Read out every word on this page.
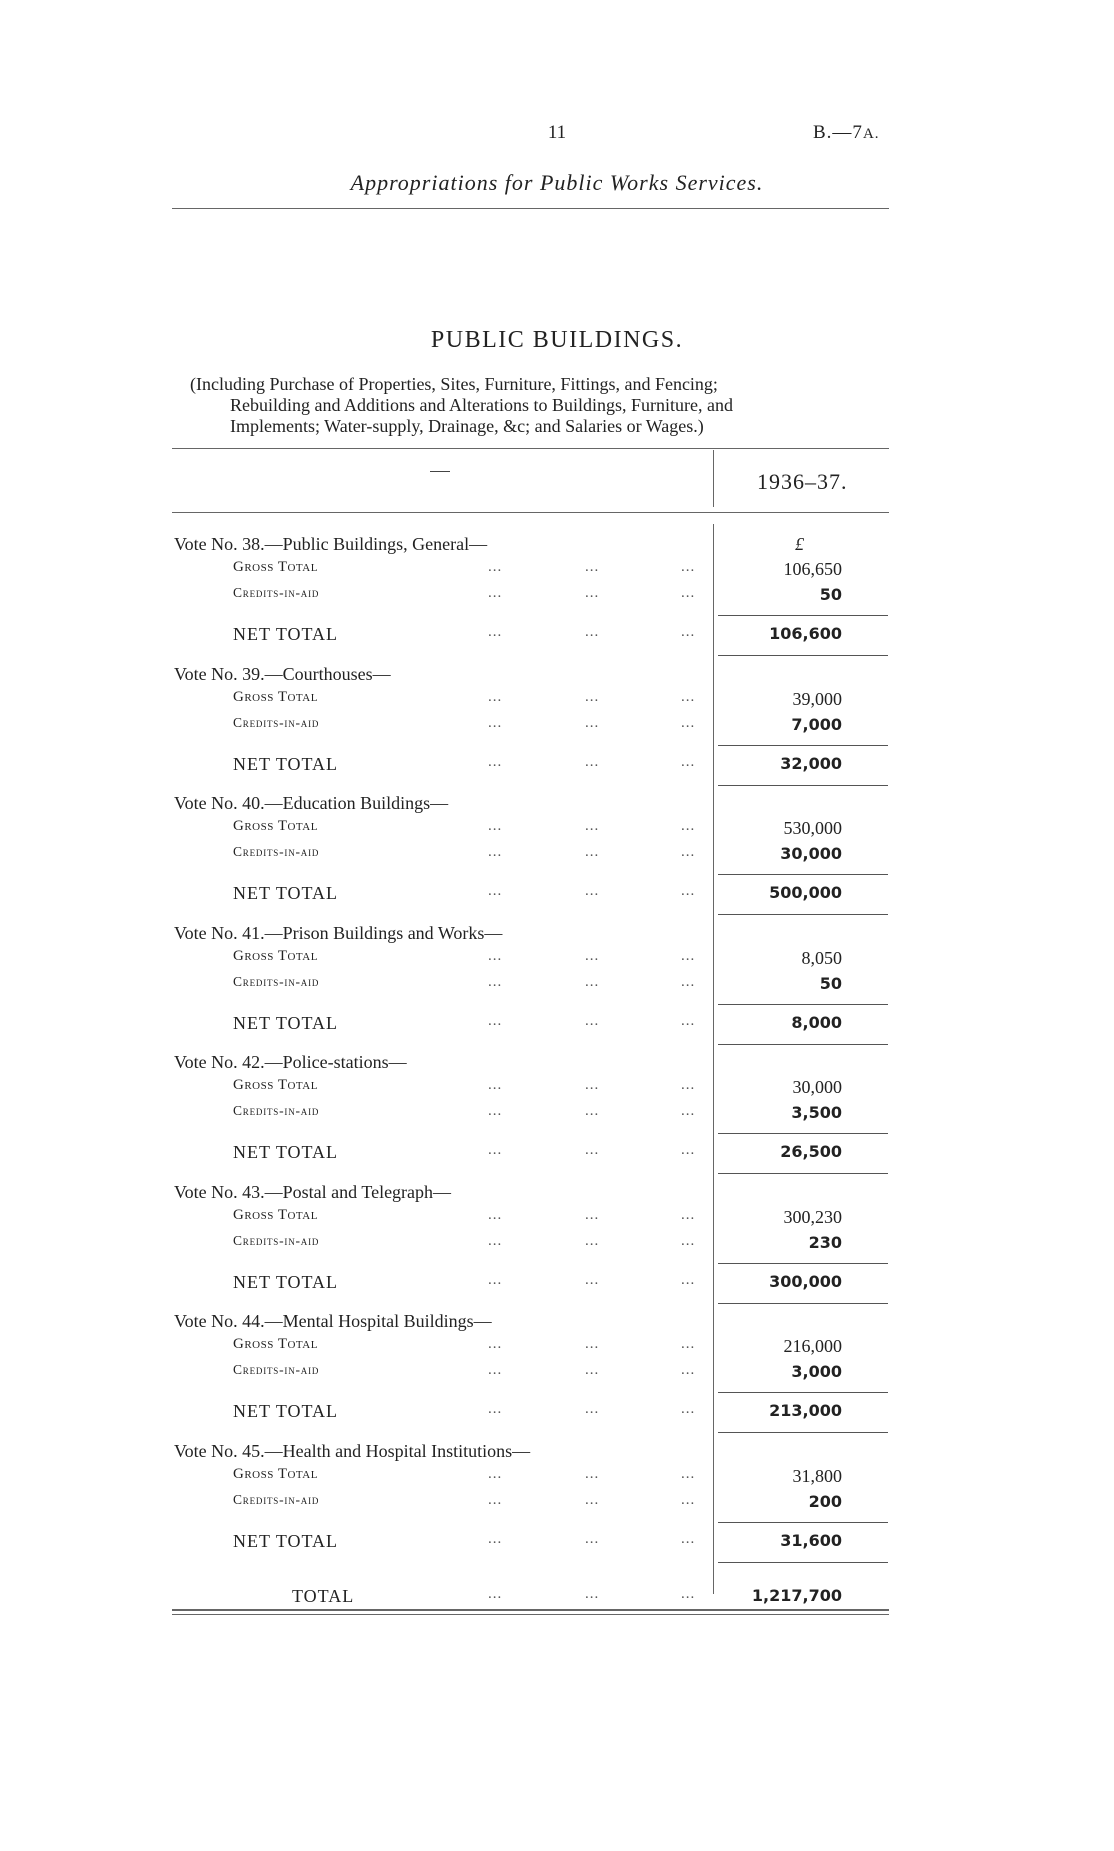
11	B.—7A.
Appropriations for Public Works Services.
PUBLIC BUILDINGS.
(Including Purchase of Properties, Sites, Furniture, Fittings, and Fencing;
Rebuilding and Additions and Alterations to Buildings, Furniture, and
Implements; Water-supply, Drainage, &c; and Salaries or Wages.)
1936–37.
£
Vote No. 38.—Public Buildings, General—
Gross Total	...	...	...	106,650
Credits-in-aid	...	...	...	50
NET TOTAL	...	...	...	106,600
Vote No. 39.—Courthouses—
Gross Total	...	...	...	39,000
Credits-in-aid	...	...	...	7,000
NET TOTAL	...	...	...	32,000
Vote No. 40.—Education Buildings—
Gross Total	...	...	...	530,000
Credits-in-aid	...	...	...	30,000
NET TOTAL	...	...	...	500,000
Vote No. 41.—Prison Buildings and Works—
Gross Total	...	...	...	8,050
Credits-in-aid	...	...	...	50
NET TOTAL	...	...	...	8,000
Vote No. 42.—Police-stations—
Gross Total	...	...	...	30,000
Credits-in-aid	...	...	...	3,500
NET TOTAL	...	...	...	26,500
Vote No. 43.—Postal and Telegraph—
Gross Total	...	...	...	300,230
Credits-in-aid	...	...	...	230
NET TOTAL	...	...	...	300,000
Vote No. 44.—Mental Hospital Buildings—
Gross Total	...	...	...	216,000
Credits-in-aid	...	...	...	3,000
NET TOTAL	...	...	...	213,000
Vote No. 45.—Health and Hospital Institutions—
Gross Total	...	...	...	31,800
Credits-in-aid	...	...	...	200
NET TOTAL	...	...	...	31,600
TOTAL	...	...	...	1,217,700
